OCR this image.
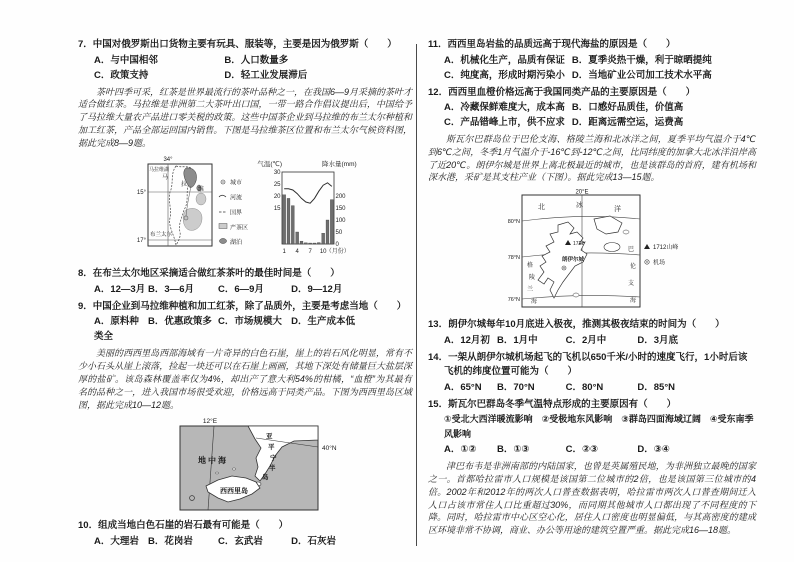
7．中国对俄罗斯出口货物主要有玩具、服装等，主要是因为俄罗斯（　　）
A．与中国相邻	B．人口数量多
C．政策支持	D．轻工业发展滞后

茶叶四季可采，红茶是世界最流行的茶叶品种之一，在我国6—9月采摘的茶叶才适合做红茶。马拉维是非洲第二大茶叶出口国，一带一路合作倡议提出后，中国给予了马拉维大量农产品进口零关税的政策。这些中国茶企业到马拉维的布兰太尔种植和加工红茶，产品全部运回国内销售。下图是马拉维茶区位置和布兰太尔气候资料图，据此完成8—9题。

34°
15°
17°
马拉维湖
马
拉
维
布兰太尔
城市
河流
国界
产茶区
湖泊
气温(℃)	降水量(mm)
15
20
25
30
0
50
100
150
200
1 4 7 10 （月份）
8．在布兰太尔地区采摘适合做红茶茶叶的最佳时间是（　　）
A．12—3月 B．3—6月	C．6—9月	D．9—12月
9．中国企业到马拉维种植和加工红茶，除了品质外，主要是考虑当地（　　）
A．原料种类全
B．优惠政策多 C．市场规模大 D．生产成本低

美丽的西西里岛西部海域有一片奇异的白色石崖，崖上的岩石风化明显，常有不少小石头从崖上滚落，捡起一块还可以在石崖上画画，其地下深处有储量巨大盐层深厚的盐矿。该岛森林覆盖率仅为4%，却出产了意大利54%的柑橘，“血橙”为其最有名的品种之一，进入我国市场很受欢迎，价格远高于同类产品。下图为西西里岛区域图，据此完成10—12题。

12°E
40°N
地中海
西西里岛
亚
平
宁
半
岛
10．组成当地白色石崖的岩石最有可能是（　　）
A．大理岩 B．花岗岩	C．玄武岩	D．石灰岩
11．西西里岛岩盐的品质远高于现代海盐的原因是（　　）
A．机械化生产，品质有保证 B．夏季炎热干燥，利于晾晒提纯
C．纯度高，形成时期污染小 D．当地矿业公司加工技术水平高
12．西西里血橙价格远高于我国同类产品的主要原因是（　　）
A．冷藏保鲜难度大，成本高 B．口感好品质佳，价值高
C．产品错峰上市，供不应求 D．距离远需空运，运费高

斯瓦尔巴群岛位于巴伦支海、格陵兰海和北冰洋之间，夏季平均气温介于4℃到6℃之间，冬季1月气温介于-16℃到-12℃之间，比同纬度的加拿大北冰洋沿岸高了近20℃。朗伊尔城是世界上离北极最近的城市，也是该群岛的首府，建有机场和深水港，采矿是其支柱产业（下图）。据此完成13—15题。

20°E
80°N
78°N
76°N
北	冰
洋
格
陵
兰
海
巴
伦
支
海
1712
朗伊尔城
1712山峰
机场
13．朗伊尔城每年10月底进入极夜，推测其极夜结束的时间为（　　）
A．12月初 B．1月中	C．2月中	D．3月底
14．一架从朗伊尔城机场起飞的飞机以650千米/小时的速度飞行，1小时后该飞机的纬度位置可能为（　　）
A．65°N	B．70°N	C．80°N	D．85°N
15．斯瓦尔巴群岛冬季气温特点形成的主要原因有（　　）
①受北大西洋暖流影响　②受极地东风影响　③群岛四面海域辽阔　④受东南季风影响
A．①②	B．①③	C．②③	D．③④

津巴布韦是非洲南部的内陆国家，也曾是英属殖民地，为非洲独立最晚的国家之一。首都哈拉雷市人口规模是该国第二位城市的2倍，也是该国第三位城市的4倍。2002年和2012年的两次人口普查数据表明，哈拉雷市两次人口普查期间迁入人口占该市常住人口比重超过30%，而同期其他城市人口都出现了不同程度的下降。同时，哈拉雷市中心区空心化，居住人口密度也明显偏低，与其高密度的建成区环境非常不协调，商业、办公等用途的建筑空置严重。据此完成16—18题。
